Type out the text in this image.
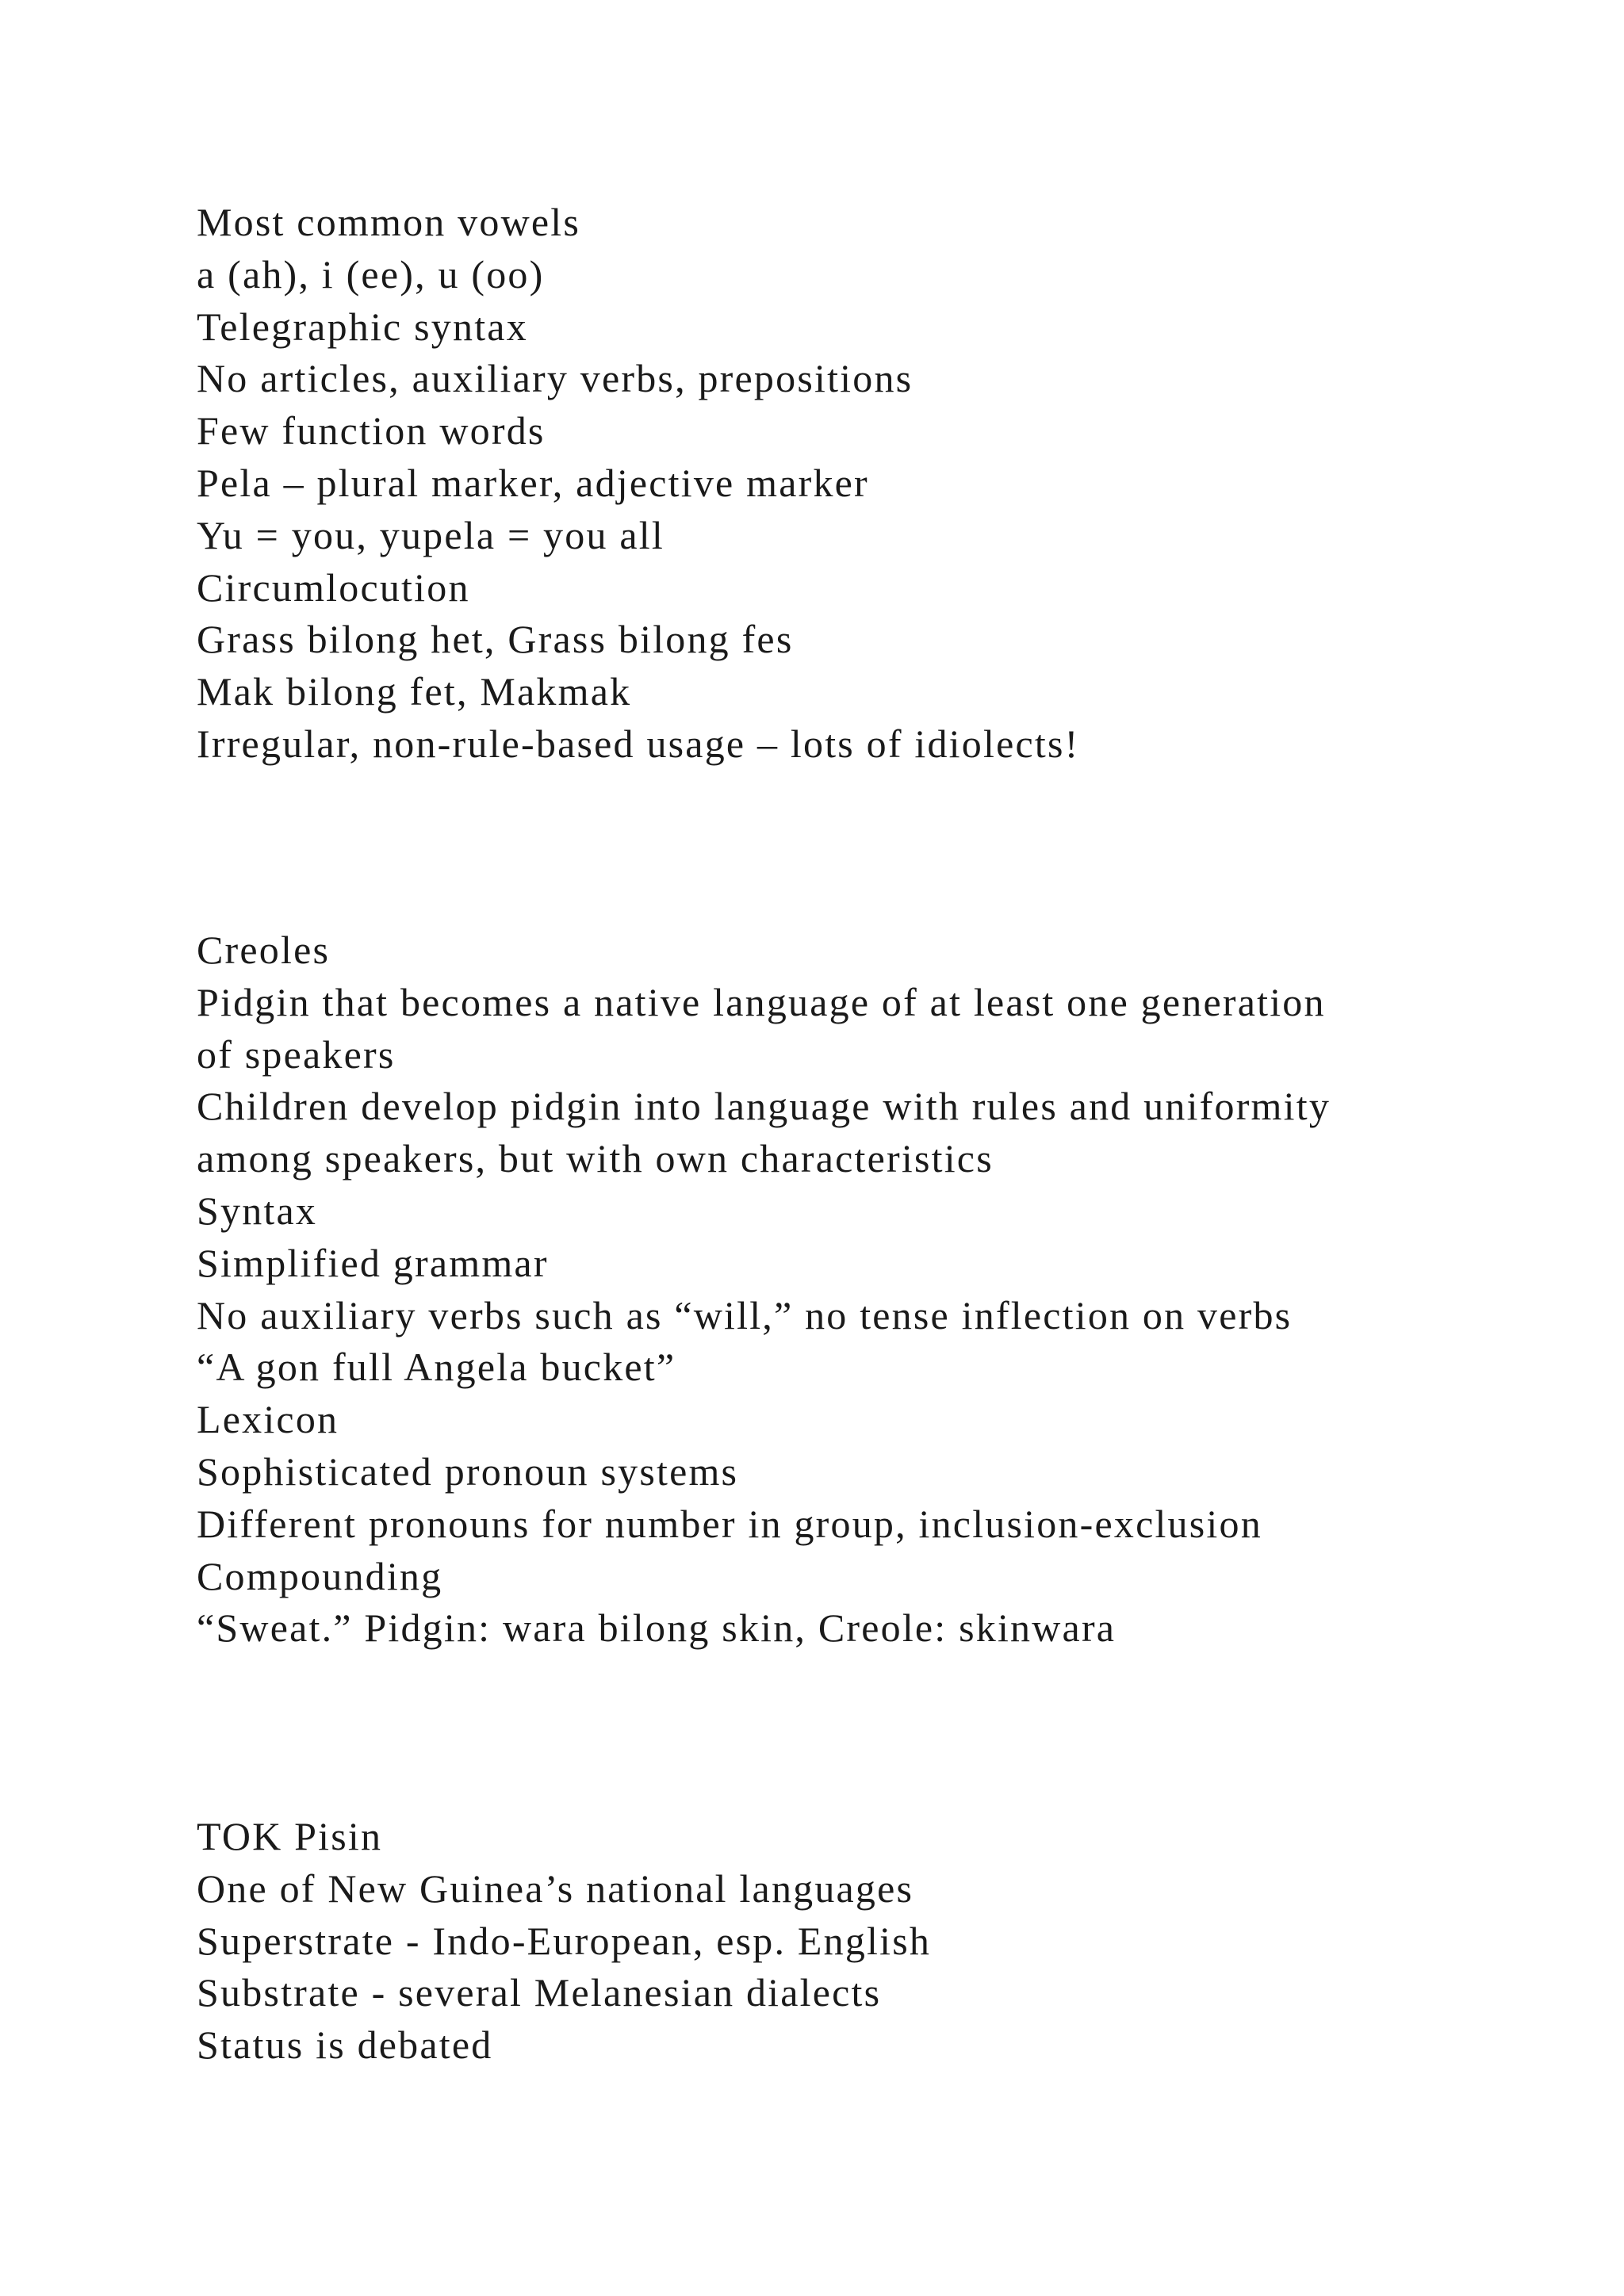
Most common vowels
a (ah), i (ee), u (oo)
Telegraphic syntax
No articles, auxiliary verbs, prepositions
Few function words
Pela – plural marker, adjective marker
Yu = you, yupela = you all
Circumlocution
Grass bilong het, Grass bilong fes
Mak bilong fet, Makmak
Irregular, non-rule-based usage – lots of idiolects!
Creoles
Pidgin that becomes a native language of at least one generation
of speakers
Children develop pidgin into language with rules and uniformity
among speakers, but with own characteristics
Syntax
Simplified grammar
No auxiliary verbs such as “will,” no tense inflection on verbs
“A gon full Angela bucket”
Lexicon
Sophisticated pronoun systems
Different pronouns for number in group, inclusion-exclusion
Compounding
“Sweat.” Pidgin: wara bilong skin, Creole: skinwara
TOK Pisin
One of New Guinea’s national languages
Superstrate - Indo-European, esp. English
Substrate - several Melanesian dialects
Status is debated
